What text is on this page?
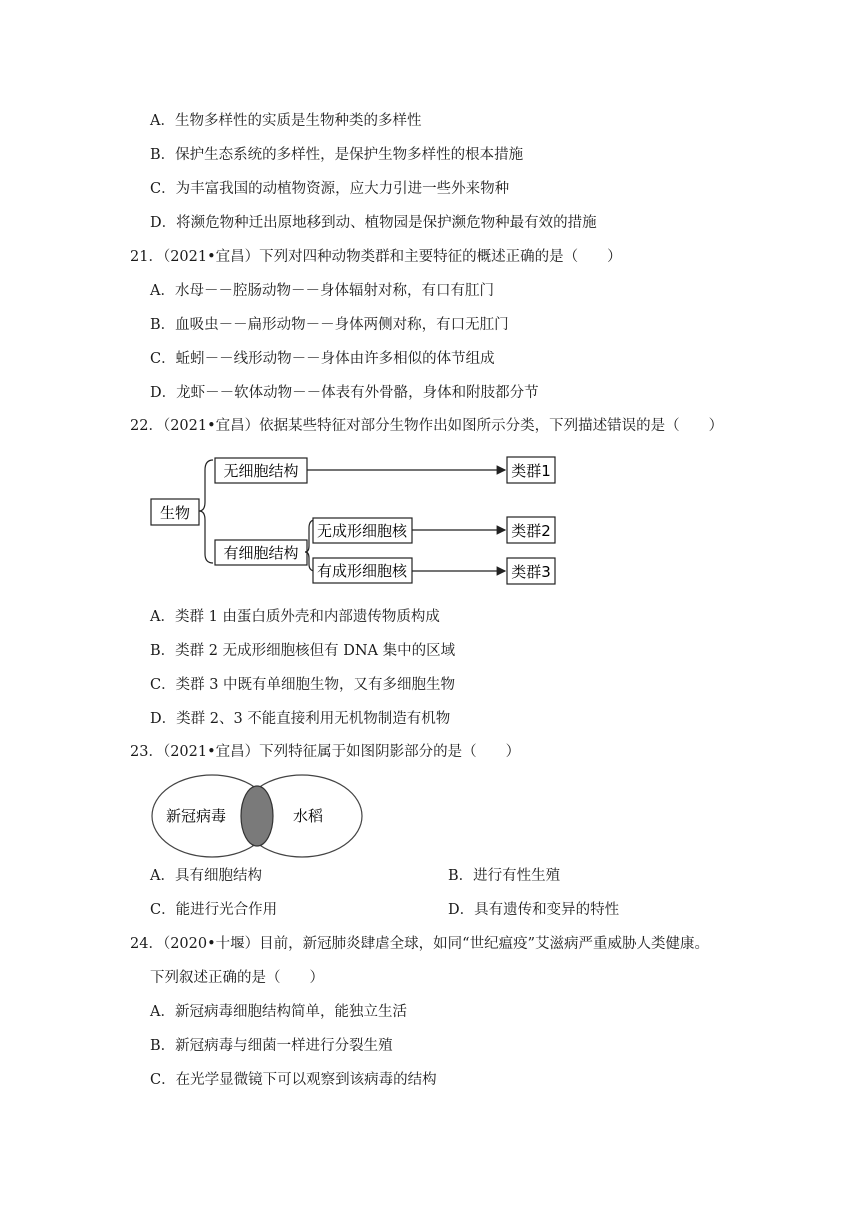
A．生物多样性的实质是生物种类的多样性
B．保护生态系统的多样性，是保护生物多样性的根本措施
C．为丰富我国的动植物资源，应大力引进一些外来物种
D．将濒危物种迁出原地移到动、植物园是保护濒危物种最有效的措施
21．（2021•宜昌）下列对四种动物类群和主要特征的概述正确的是（　　）
A．水母－－腔肠动物－－身体辐射对称，有口有肛门
B．血吸虫－－扁形动物－－身体两侧对称，有口无肛门
C．蚯蚓－－线形动物－－身体由许多相似的体节组成
D．龙虾－－软体动物－－体表有外骨骼，身体和附肢都分节
22．（2021•宜昌）依据某些特征对部分生物作出如图所示分类，下列描述错误的是（　　）
生物
无细胞结构	类群1
有细胞结构
无成形细胞核	类群2
有成形细胞核	类群3
A．类群 1 由蛋白质外壳和内部遗传物质构成
B．类群 2 无成形细胞核但有 DNA 集中的区域
C．类群 3 中既有单细胞生物，又有多细胞生物
D．类群 2、3 不能直接利用无机物制造有机物
23．（2021•宜昌）下列特征属于如图阴影部分的是（　　）
新冠病毒	水稻
A．具有细胞结构	B．进行有性生殖
C．能进行光合作用	D．具有遗传和变异的特性
24．（2020•十堰）目前，新冠肺炎肆虐全球，如同“世纪瘟疫”艾滋病严重威胁人类健康。
下列叙述正确的是（　　）
A．新冠病毒细胞结构简单，能独立生活
B．新冠病毒与细菌一样进行分裂生殖
C．在光学显微镜下可以观察到该病毒的结构
